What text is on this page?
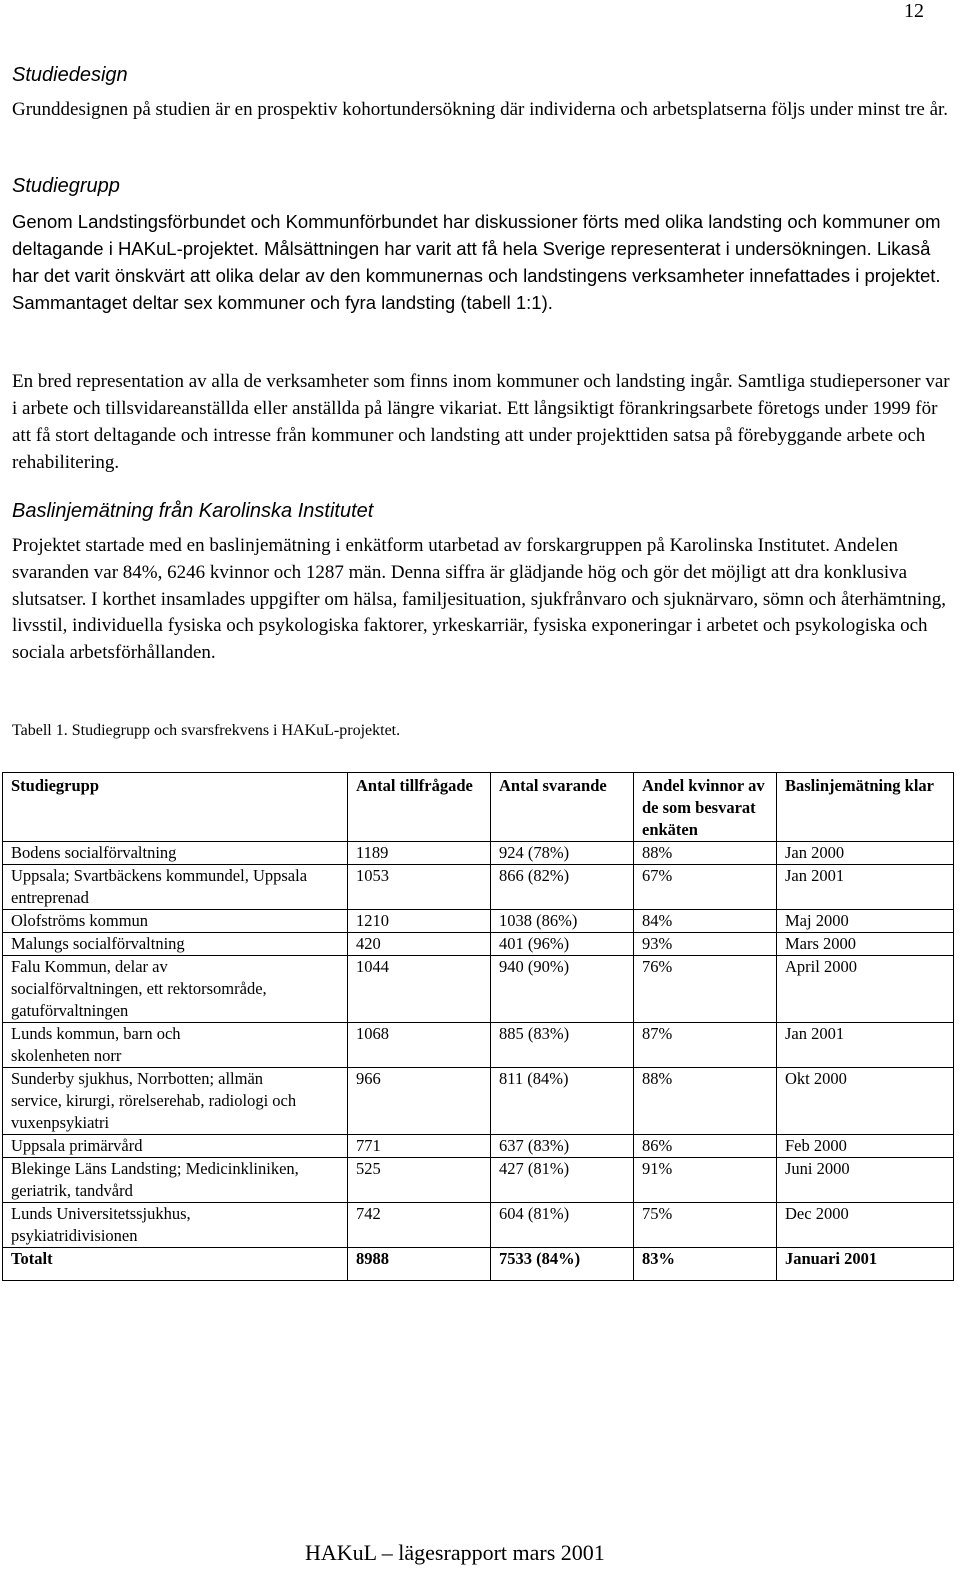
12
Studiedesign
Grunddesignen på studien är en prospektiv kohortundersökning där individerna och arbetsplatserna följs under minst tre år.
Studiegrupp
Genom Landstingsförbundet och Kommunförbundet har diskussioner förts med olika landsting och kommuner om deltagande i HAKuL-projektet. Målsättningen har varit att få hela Sverige representerat i undersökningen. Likaså har det varit önskvärt att olika delar av den kommunernas och landstingens verksamheter innefattades i projektet. Sammantaget deltar sex kommuner och fyra landsting (tabell 1:1).
En bred representation av alla de verksamheter som finns inom kommuner och landsting ingår. Samtliga studiepersoner var i arbete och tillsvidareanställda eller anställda på längre vikariat. Ett långsiktigt förankringsarbete företogs under 1999 för att få stort deltagande och intresse från kommuner och landsting att under projekttiden satsa på förebyggande arbete och rehabilitering.
Baslinjemätning från Karolinska Institutet
Projektet startade med en baslinjemätning i enkätform utarbetad av forskargruppen på Karolinska Institutet. Andelen svaranden var 84%, 6246 kvinnor och 1287 män. Denna siffra är glädjande hög och gör det möjligt att dra konklusiva slutsatser. I korthet insamlades uppgifter om hälsa, familjesituation, sjukfrånvaro och sjuknärvaro, sömn och återhämtning, livsstil, individuella fysiska och psykologiska faktorer, yrkeskarriär, fysiska exponeringar i arbetet och psykologiska och sociala arbetsförhållanden.
Tabell 1. Studiegrupp och svarsfrekvens i HAKuL-projektet.
Studiegrupp	Antal tillfrågade	Antal svarande	Andel kvinnor av de som besvarat enkäten	Baslinjemätning klar
Bodens socialförvaltning	1189	924 (78%)	88%	Jan 2000
Uppsala; Svartbäckens kommundel, Uppsala entreprenad	1053	866 (82%)	67%	Jan 2001
Olofströms kommun	1210	1038 (86%)	84%	Maj 2000
Malungs socialförvaltning	420	401 (96%)	93%	Mars 2000
Falu Kommun, delar av socialförvaltningen, ett rektorsområde, gatuförvaltningen	1044	940 (90%)	76%	April 2000
Lunds kommun, barn och skolenheten norr	1068	885 (83%)	87%	Jan 2001
Sunderby sjukhus, Norrbotten; allmän service, kirurgi, rörelserehab, radiologi och vuxenpsykiatri	966	811 (84%)	88%	Okt 2000
Uppsala primärvård	771	637 (83%)	86%	Feb 2000
Blekinge Läns Landsting; Medicinkliniken, geriatrik, tandvård	525	427 (81%)	91%	Juni 2000
Lunds Universitetssjukhus, psykiatridivisionen	742	604 (81%)	75%	Dec 2000
Totalt	8988	7533 (84%)	83%	Januari 2001
HAKuL – lägesrapport mars 2001
